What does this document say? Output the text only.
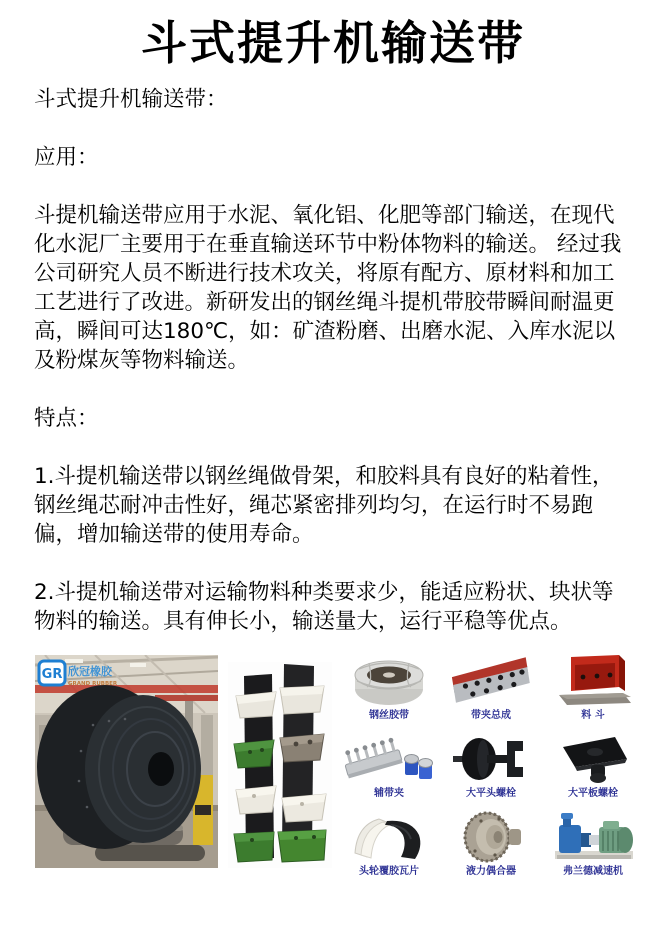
斗式提升机输送带

斗式提升机输送带：

应用：

斗提机输送带应用于水泥、氧化铝、化肥等部门输送，在现代化水泥厂主要用于在垂直输送环节中粉体物料的输送。 经过我公司研究人员不断进行技术攻关，将原有配方、原材料和加工工艺进行了改进。新研发出的钢丝绳斗提机带胶带瞬间耐温更高，瞬间可达180℃，如：矿渣粉磨、出磨水泥、入库水泥以及粉煤灰等物料输送。

特点：

1.斗提机输送带以钢丝绳做骨架，和胶料具有良好的粘着性，钢丝绳芯耐冲击性好，绳芯紧密排列均匀，在运行时不易跑偏，增加输送带的使用寿命。

2.斗提机输送带对运输物料种类要求少，能适应粉状、块状等物料的输送。具有伸长小，输送量大，运行平稳等优点。

GR 欣冠橡胶
GRAND RUBBER
钢丝胶带	带夹总成	料 斗
辅带夹	大平头螺栓	大平板螺栓
头轮覆胶瓦片	液力偶合器	弗兰德减速机
